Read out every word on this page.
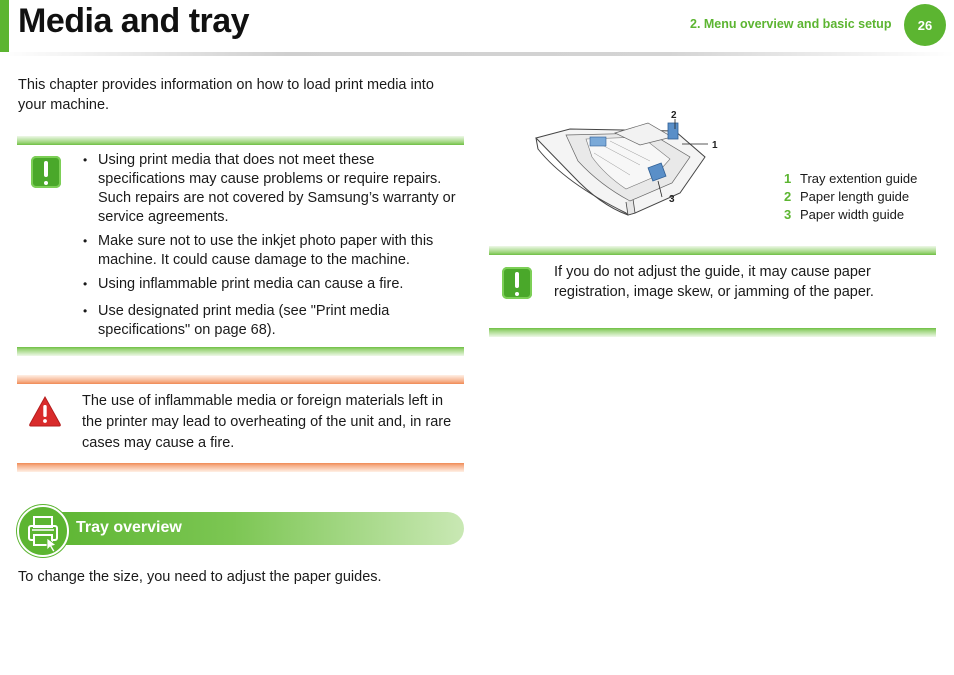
Media and tray	2. Menu overview and basic setup 26
This chapter provides information on how to load print media into your machine.
• Using print media that does not meet these specifications may cause problems or require repairs. Such repairs are not covered by Samsung’s warranty or service agreements.
• Make sure not to use the inkjet photo paper with this machine. It could cause damage to the machine.
• Using inflammable print media can cause a fire.
• Use designated print media (see "Print media specifications" on page 68).
The use of inflammable media or foreign materials left in the printer may lead to overheating of the unit and, in rare cases may cause a fire.
Tray overview
To change the size, you need to adjust the paper guides.
2
1
3
1 Tray extention guide
2 Paper length guide
3 Paper width guide
If you do not adjust the guide, it may cause paper registration, image skew, or jamming of the paper.
